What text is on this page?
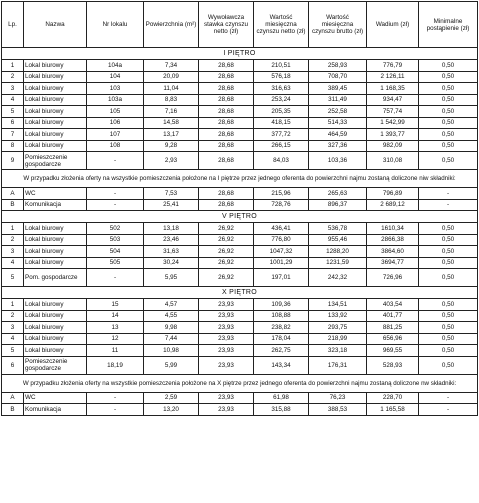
Lp.	Nazwa	Nr lokalu	Powierzchnia (m²)	Wywoławcza stawka czynszu netto (zł)	Wartość miesięczna czynszu netto (zł)	Wartość miesięczna czynszu brutto (zł)	Wadium (zł)	Minimalne postąpienie (zł)
I PIĘTRO								
1	Lokal biurowy	104a	7,34	28,68	210,51	258,93	776,79	0,50
2	Lokal biurowy	104	20,09	28,68	576,18	708,70	2 126,11	0,50
3	Lokal biurowy	103	11,04	28,68	316,63	389,45	1 168,35	0,50
4	Lokal biurowy	103a	8,83	28,68	253,24	311,49	934,47	0,50
5	Lokal biurowy	105	7,16	28,68	205,35	252,58	757,74	0,50
6	Lokal biurowy	106	14,58	28,68	418,15	514,33	1 542,99	0,50
7	Lokal biurowy	107	13,17	28,68	377,72	464,59	1 393,77	0,50
8	Lokal biurowy	108	9,28	28,68	266,15	327,36	982,09	0,50
9	Pomieszczenie gospodarcze	-	2,93	28,68	84,03	103,36	310,08	0,50
W przypadku złożenia oferty na wszystkie pomieszczenia położone na I piętrze przez jednego oferenta do powierzchni najmu zostaną doliczone niw składniki:								
A	WC	-	7,53	28,68	215,96	265,63	796,89	-
B	Komunikacja	-	25,41	28,68	728,76	896,37	2 689,12	-
V PIĘTRO								
1	Lokal biurowy	502	13,18	26,92	436,41	536,78	1610,34	0,50
2	Lokal biurowy	503	23,46	26,92	776,80	955,46	2866,38	0,50
3	Lokal biurowy	504	31,63	26,92	1047,32	1288,20	3864,60	0,50
4	Lokal biurowy	505	30,24	26,92	1001,29	1231,59	3694,77	0,50
5	Pom. gospodarcze	-	5,95	26,92	197,01	242,32	726,96	0,50
X PIĘTRO								
1	Lokal biurowy	15	4,57	23,93	109,36	134,51	403,54	0,50
2	Lokal biurowy	14	4,55	23,93	108,88	133,92	401,77	0,50
3	Lokal biurowy	13	9,98	23,93	238,82	293,75	881,25	0,50
4	Lokal biurowy	12	7,44	23,93	178,04	218,99	656,96	0,50
5	Lokal biurowy	11	10,98	23,93	262,75	323,18	969,55	0,50
6	Pomieszczenie gospodarcze	18,19	5,99	23,93	143,34	176,31	528,93	0,50
W przypadku złożenia oferty na wszystkie pomieszczenia położone na X piętrze przez jednego oferenta do powierzchni najmu zostaną doliczone nw składniki:								
A	WC	-	2,59	23,93	61,98	76,23	228,70	-
B	Komunikacja	-	13,20	23,93	315,88	388,53	1 165,58	-
